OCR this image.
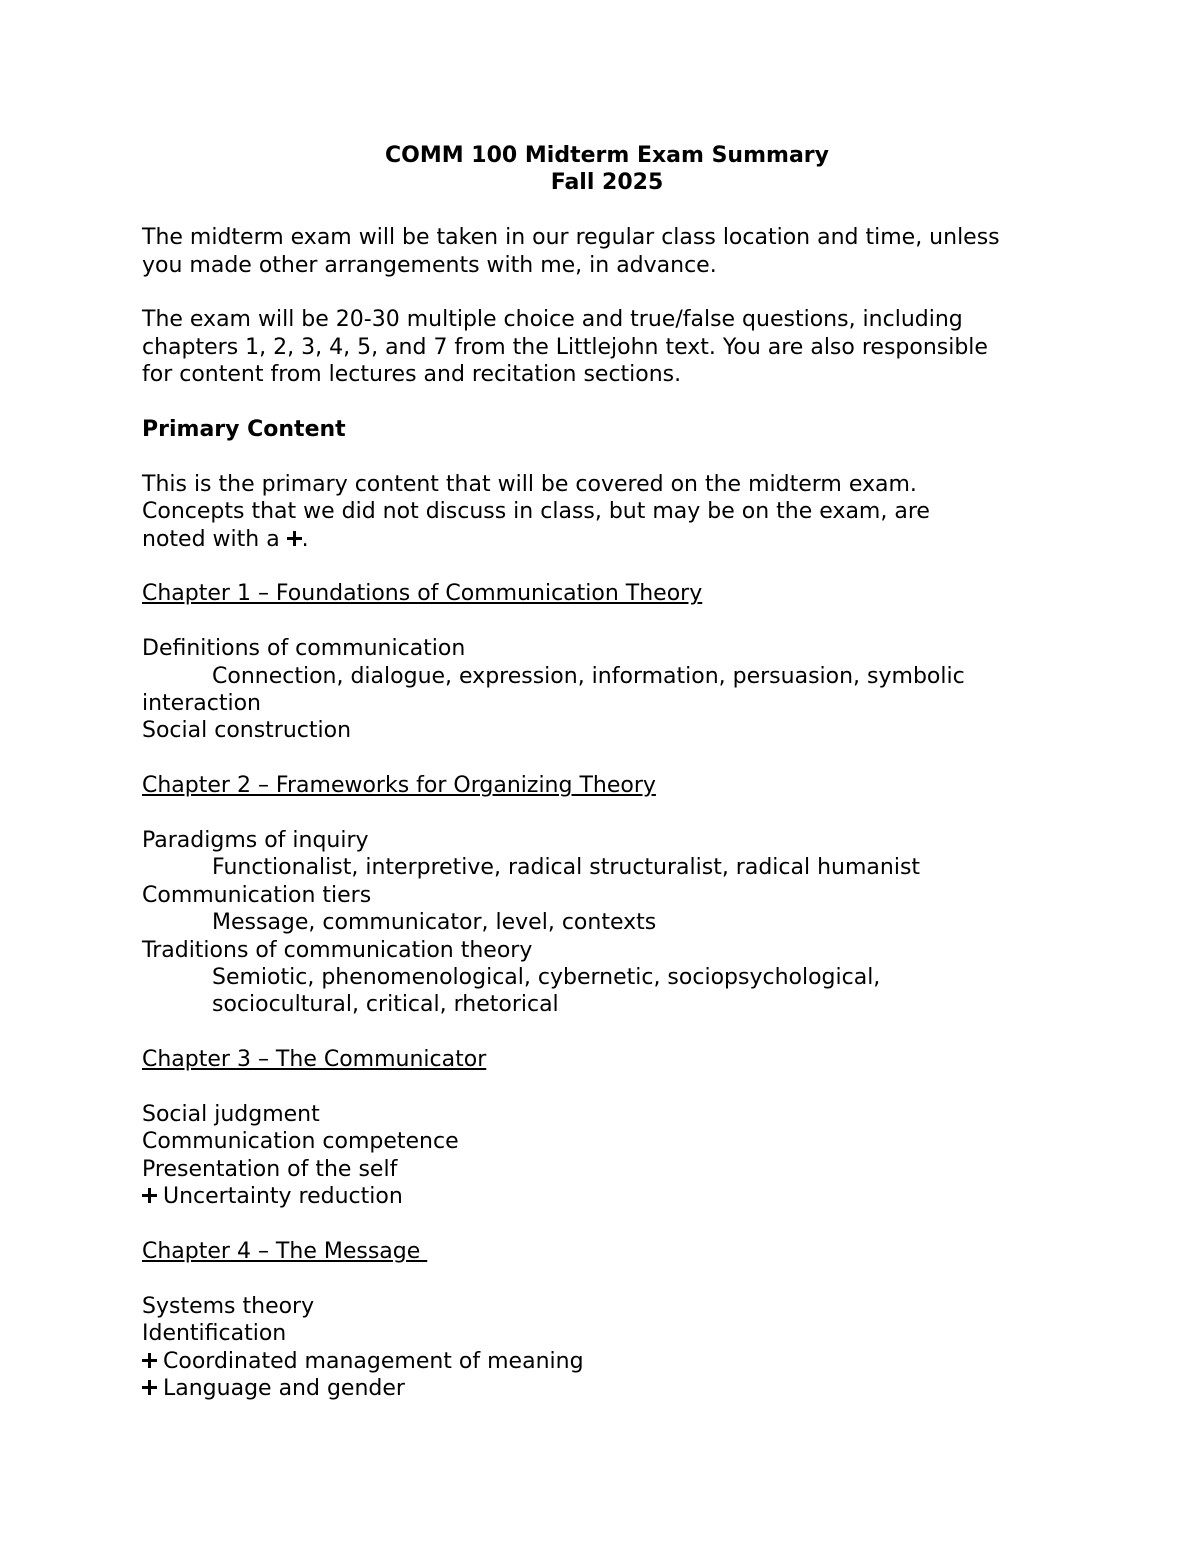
COMM 100 Midterm Exam Summary
Fall 2025
The midterm exam will be taken in our regular class location and time, unless
you made other arrangements with me, in advance.
The exam will be 20-30 multiple choice and true/false questions, including
chapters 1, 2, 3, 4, 5, and 7 from the Littlejohn text. You are also responsible
for content from lectures and recitation sections.
Primary Content
This is the primary content that will be covered on the midterm exam.
Concepts that we did not discuss in class, but may be on the exam, are
noted with a .
Chapter 1 – Foundations of Communication Theory
Definitions of communication
Connection, dialogue, expression, information, persuasion, symbolic
interaction
Social construction
Chapter 2 – Frameworks for Organizing Theory
Paradigms of inquiry
Functionalist, interpretive, radical structuralist, radical humanist
Communication tiers
Message, communicator, level, contexts
Traditions of communication theory
Semiotic, phenomenological, cybernetic, sociopsychological,
sociocultural, critical, rhetorical
Chapter 3 – The Communicator
Social judgment
Communication competence
Presentation of the self
Uncertainty reduction
Chapter 4 – The Message
Systems theory
Identification
Coordinated management of meaning
Language and gender
